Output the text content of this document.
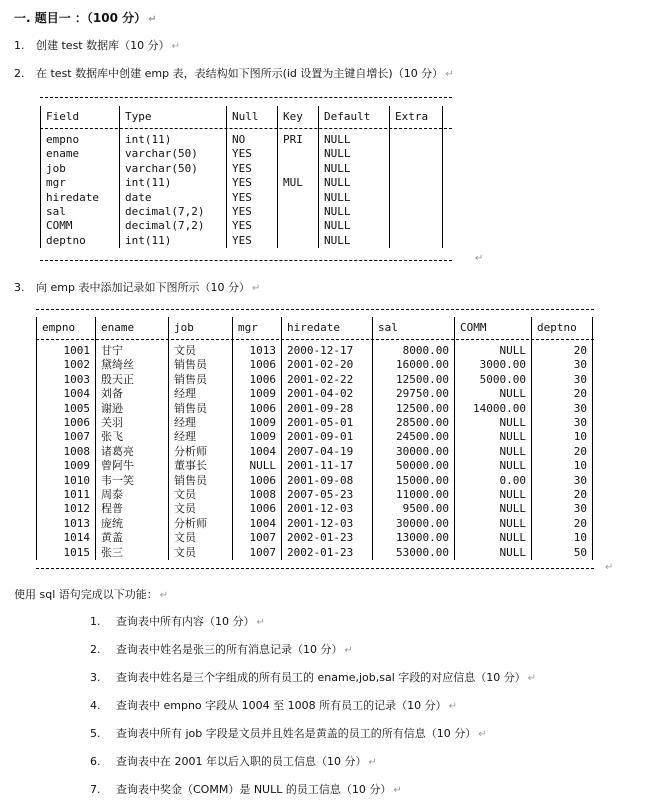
一. 题目一 ：（100 分） ↵
1. 创建 test 数据库（10 分） ↵
2. 在 test 数据库中创建 emp 表，表结构如下图所示(id 设置为主键自增长)（10 分） ↵
Field	Type	Null	Key	Default	Extra

empno	int(11)	NO	PRI	NULL	
ename	varchar(50)	YES		NULL	
job	varchar(50)	YES		NULL	
mgr	int(11)	YES	MUL	NULL	
hiredate	date	YES		NULL	
sal	decimal(7,2)	YES		NULL	
COMM	decimal(7,2)	YES		NULL	
deptno	int(11)	YES		NULL	
↵
3. 向 emp 表中添加记录如下图所示（10 分） ↵
empno	ename	job	mgr	hiredate	sal	COMM	deptno

1001	甘宁	文员	1013	2000-12-17	8000.00	NULL	20
1002	黛绮丝	销售员	1006	2001-02-20	16000.00	3000.00	30
1003	殷天正	销售员	1006	2001-02-22	12500.00	5000.00	30
1004	刘备	经理	1009	2001-04-02	29750.00	NULL	20
1005	谢逊	销售员	1006	2001-09-28	12500.00	14000.00	30
1006	关羽	经理	1009	2001-05-01	28500.00	NULL	30
1007	张飞	经理	1009	2001-09-01	24500.00	NULL	10
1008	诸葛亮	分析师	1004	2007-04-19	30000.00	NULL	20
1009	曾阿牛	董事长	NULL	2001-11-17	50000.00	NULL	10
1010	韦一笑	销售员	1006	2001-09-08	15000.00	0.00	30
1011	周泰	文员	1008	2007-05-23	11000.00	NULL	20
1012	程普	文员	1006	2001-12-03	9500.00	NULL	30
1013	庞统	分析师	1004	2001-12-03	30000.00	NULL	20
1014	黄盖	文员	1007	2002-01-23	13000.00	NULL	10
1015	张三	文员	1007	2002-01-23	53000.00	NULL	50
↵
使用 sql 语句完成以下功能： ↵
1. 查询表中所有内容（10 分） ↵
2. 查询表中姓名是张三的所有消息记录（10 分） ↵
3. 查询表中姓名是三个字组成的所有员工的 ename,job,sal 字段的对应信息（10 分） ↵
4. 查询表中 empno 字段从 1004 至 1008 所有员工的记录（10 分） ↵
5. 查询表中所有 job 字段是文员并且姓名是黄盖的员工的所有信息（10 分） ↵
6. 查询表中在 2001 年以后入职的员工信息（10 分） ↵
7. 查询表中奖金（COMM）是 NULL 的员工信息（10 分） ↵
